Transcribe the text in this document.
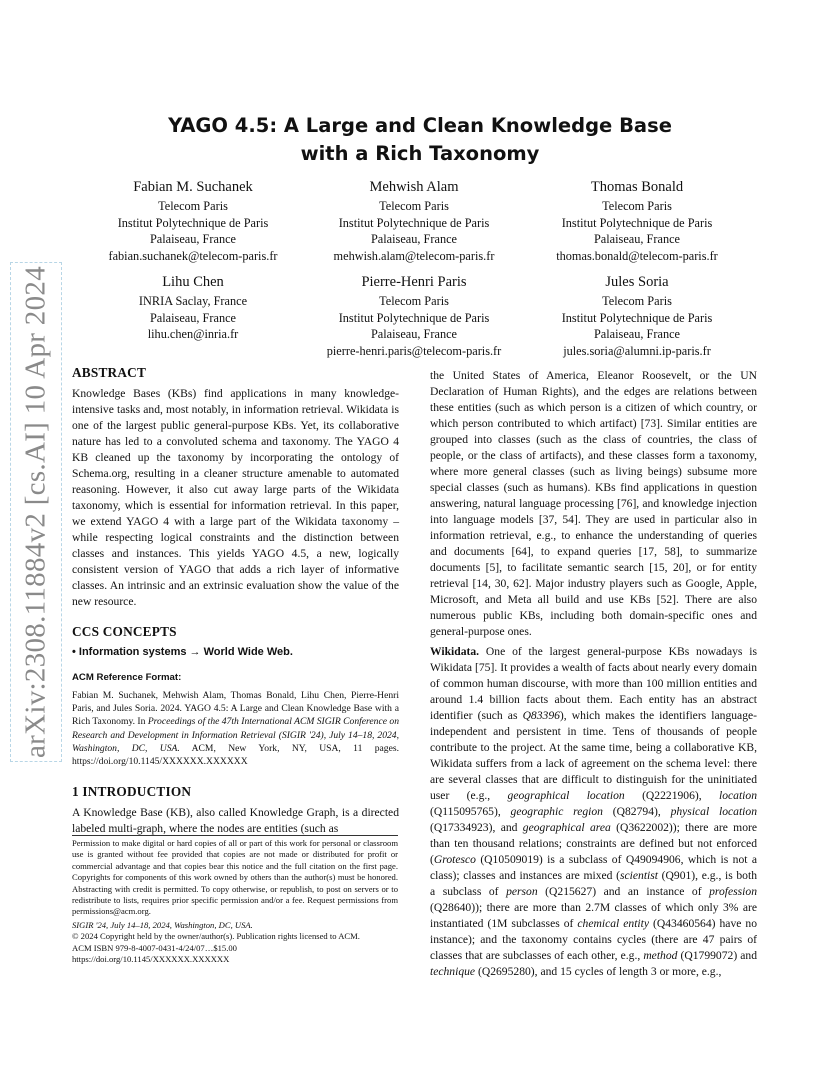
arXiv:2308.11884v2 [cs.AI] 10 Apr 2024
YAGO 4.5: A Large and Clean Knowledge Base
with a Rich Taxonomy
Fabian M. Suchanek
Telecom Paris
Institut Polytechnique de Paris
Palaiseau, France
fabian.suchanek@telecom-paris.fr
Mehwish Alam
Telecom Paris
Institut Polytechnique de Paris
Palaiseau, France
mehwish.alam@telecom-paris.fr
Thomas Bonald
Telecom Paris
Institut Polytechnique de Paris
Palaiseau, France
thomas.bonald@telecom-paris.fr
Lihu Chen
INRIA Saclay, France
Palaiseau, France
lihu.chen@inria.fr
Pierre-Henri Paris
Telecom Paris
Institut Polytechnique de Paris
Palaiseau, France
pierre-henri.paris@telecom-paris.fr
Jules Soria
Telecom Paris
Institut Polytechnique de Paris
Palaiseau, France
jules.soria@alumni.ip-paris.fr
ABSTRACT

Knowledge Bases (KBs) find applications in many knowledge-intensive tasks and, most notably, in information retrieval. Wikidata is one of the largest public general-purpose KBs. Yet, its collaborative nature has led to a convoluted schema and taxonomy. The YAGO 4 KB cleaned up the taxonomy by incorporating the ontology of Schema.org, resulting in a cleaner structure amenable to automated reasoning. However, it also cut away large parts of the Wikidata taxonomy, which is essential for information retrieval. In this paper, we extend YAGO 4 with a large part of the Wikidata taxonomy – while respecting logical constraints and the distinction between classes and instances. This yields YAGO 4.5, a new, logically consistent version of YAGO that adds a rich layer of informative classes. An intrinsic and an extrinsic evaluation show the value of the new resource.

CCS CONCEPTS

• Information systems → World Wide Web.

ACM Reference Format:

Fabian M. Suchanek, Mehwish Alam, Thomas Bonald, Lihu Chen, Pierre-Henri Paris, and Jules Soria. 2024. YAGO 4.5: A Large and Clean Knowledge Base with a Rich Taxonomy. In Proceedings of the 47th International ACM SIGIR Conference on Research and Development in Information Retrieval (SIGIR '24), July 14–18, 2024, Washington, DC, USA. ACM, New York, NY, USA, 11 pages. https://doi.org/10.1145/XXXXXX.XXXXXX

1 INTRODUCTION

A Knowledge Base (KB), also called Knowledge Graph, is a directed labeled multi-graph, where the nodes are entities (such as

Permission to make digital or hard copies of all or part of this work for personal or classroom use is granted without fee provided that copies are not made or distributed for profit or commercial advantage and that copies bear this notice and the full citation on the first page. Copyrights for components of this work owned by others than the author(s) must be honored. Abstracting with credit is permitted. To copy otherwise, or republish, to post on servers or to redistribute to lists, requires prior specific permission and/or a fee. Request permissions from permissions@acm.org.

SIGIR '24, July 14–18, 2024, Washington, DC, USA.

© 2024 Copyright held by the owner/author(s). Publication rights licensed to ACM.

ACM ISBN 979-8-4007-0431-4/24/07…$15.00

https://doi.org/10.1145/XXXXXX.XXXXXX

the United States of America, Eleanor Roosevelt, or the UN Declaration of Human Rights), and the edges are relations between these entities (such as which person is a citizen of which country, or which person contributed to which artifact) [73]. Similar entities are grouped into classes (such as the class of countries, the class of people, or the class of artifacts), and these classes form a taxonomy, where more general classes (such as living beings) subsume more special classes (such as humans). KBs find applications in question answering, natural language processing [76], and knowledge injection into language models [37, 54]. They are used in particular also in information retrieval, e.g., to enhance the understanding of queries and documents [64], to expand queries [17, 58], to summarize documents [5], to facilitate semantic search [15, 20], or for entity retrieval [14, 30, 62]. Major industry players such as Google, Apple, Microsoft, and Meta all build and use KBs [52]. There are also numerous public KBs, including both domain-specific ones and general-purpose ones.

Wikidata. One of the largest general-purpose KBs nowadays is Wikidata [75]. It provides a wealth of facts about nearly every domain of common human discourse, with more than 100 million entities and around 1.4 billion facts about them. Each entity has an abstract identifier (such as Q83396), which makes the identifiers language-independent and persistent in time. Tens of thousands of people contribute to the project. At the same time, being a collaborative KB, Wikidata suffers from a lack of agreement on the schema level: there are several classes that are difficult to distinguish for the uninitiated user (e.g., geographical location (Q2221906), location (Q115095765), geographic region (Q82794), physical location (Q17334923), and geographical area (Q3622002)); there are more than ten thousand relations; constraints are defined but not enforced (Grotesco (Q10509019) is a subclass of Q49094906, which is not a class); classes and instances are mixed (scientist (Q901), e.g., is both a subclass of person (Q215627) and an instance of profession (Q28640)); there are more than 2.7M classes of which only 3% are instantiated (1M subclasses of chemical entity (Q43460564) have no instance); and the taxonomy contains cycles (there are 47 pairs of classes that are subclasses of each other, e.g., method (Q1799072) and technique (Q2695280), and 15 cycles of length 3 or more, e.g.,
